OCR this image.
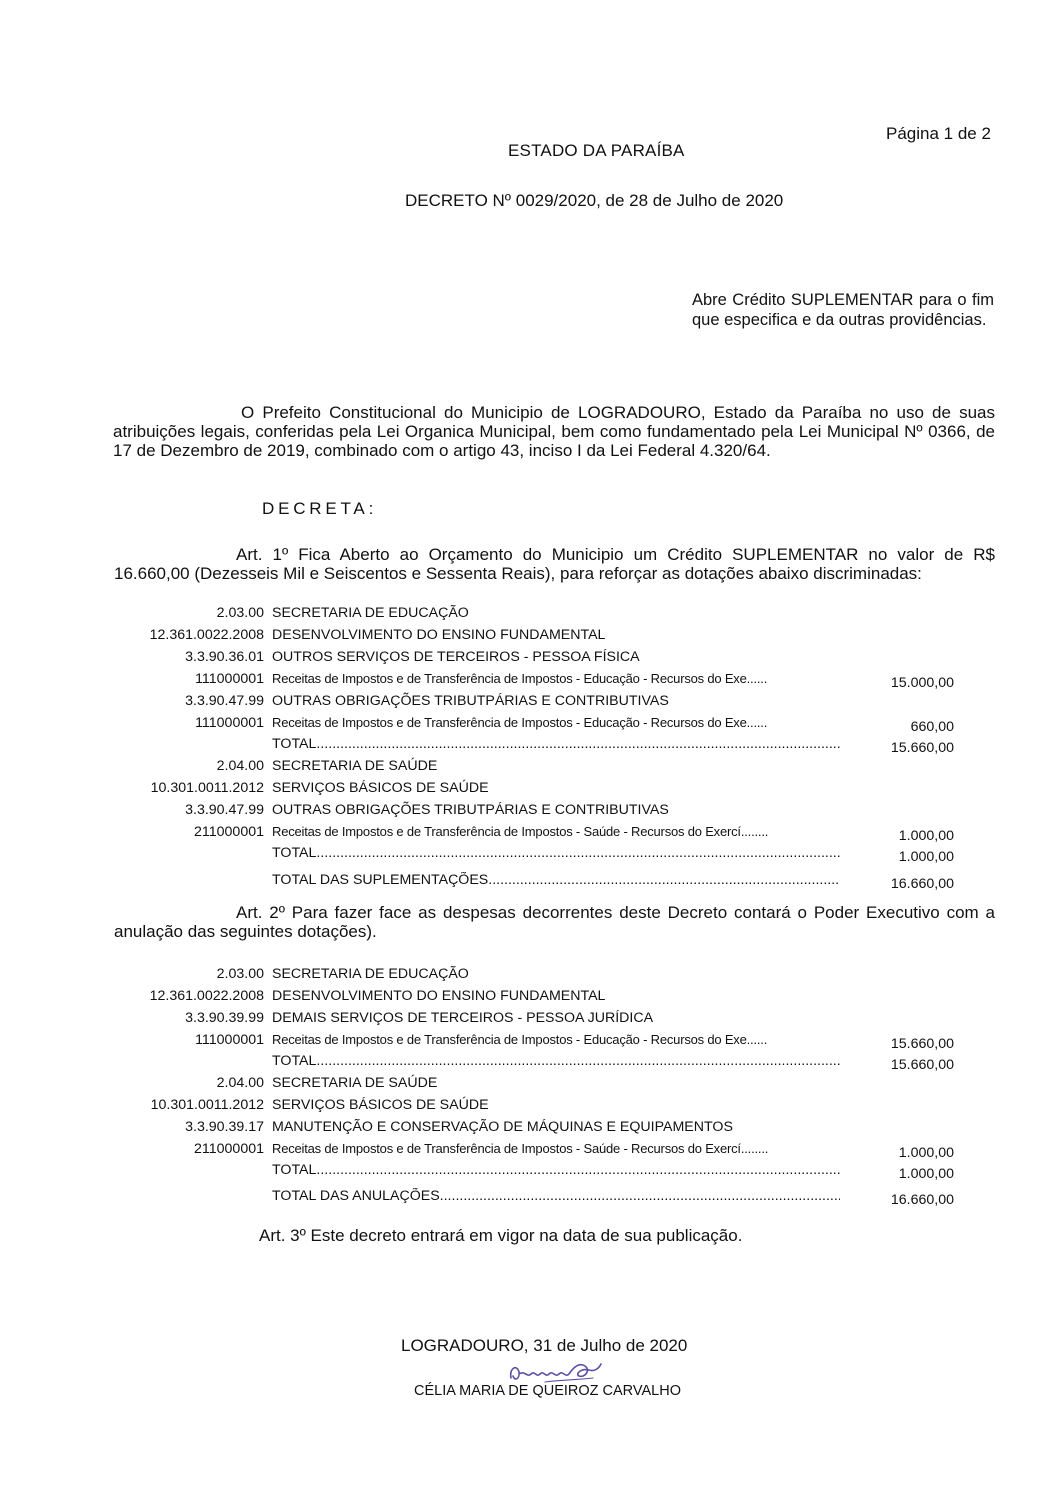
Página 1 de 2
ESTADO DA PARAÍBA
DECRETO Nº 0029/2020, de 28 de Julho de 2020
Abre Crédito SUPLEMENTAR para o fim que especifica e da outras providências.
O Prefeito Constitucional do Municipio de LOGRADOURO, Estado da Paraíba no uso de suas atribuições legais, conferidas pela Lei Organica Municipal, bem como fundamentado pela Lei Municipal Nº 0366, de 17 de Dezembro de 2019, combinado com o artigo 43, inciso I da Lei Federal 4.320/64.
DECRETA:
Art. 1º Fica Aberto ao Orçamento do Municipio um Crédito SUPLEMENTAR no valor de R$ 16.660,00 (Dezesseis Mil e Seiscentos e Sessenta Reais), para reforçar as dotações abaixo discriminadas:
2.03.00 SECRETARIA DE EDUCAÇÃO
12.361.0022.2008 DESENVOLVIMENTO DO ENSINO FUNDAMENTAL
3.3.90.36.01 OUTROS SERVIÇOS DE TERCEIROS - PESSOA FÍSICA
111000001 Receitas de Impostos e de Transferência de Impostos - Educação - Recursos do Exe......	15.000,00
3.3.90.47.99 OUTRAS OBRIGAÇÕES TRIBUTPÁRIAS E CONTRIBUTIVAS
111000001 Receitas de Impostos e de Transferência de Impostos - Educação - Recursos do Exe......	660,00
TOTAL .....	15.660,00
2.04.00 SECRETARIA DE SAÚDE
10.301.0011.2012 SERVIÇOS BÁSICOS DE SAÚDE
3.3.90.47.99 OUTRAS OBRIGAÇÕES TRIBUTPÁRIAS E CONTRIBUTIVAS
211000001 Receitas de Impostos e de Transferência de Impostos - Saúde - Recursos do Exercí........	1.000,00
TOTAL .....	1.000,00
TOTAL DAS SUPLEMENTAÇÕES .....	16.660,00
Art. 2º Para fazer face as despesas decorrentes deste Decreto contará o Poder Executivo com a anulação das seguintes dotações).
2.03.00 SECRETARIA DE EDUCAÇÃO
12.361.0022.2008 DESENVOLVIMENTO DO ENSINO FUNDAMENTAL
3.3.90.39.99 DEMAIS SERVIÇOS DE TERCEIROS - PESSOA JURÍDICA
111000001 Receitas de Impostos e de Transferência de Impostos - Educação - Recursos do Exe......	15.660,00
TOTAL .....	15.660,00
2.04.00 SECRETARIA DE SAÚDE
10.301.0011.2012 SERVIÇOS BÁSICOS DE SAÚDE
3.3.90.39.17 MANUTENÇÃO E CONSERVAÇÃO DE MÁQUINAS E EQUIPAMENTOS
211000001 Receitas de Impostos e de Transferência de Impostos - Saúde - Recursos do Exercí........	1.000,00
TOTAL .....	1.000,00
TOTAL DAS ANULAÇÕES .....	16.660,00
Art. 3º Este decreto entrará em vigor na data de sua publicação.
LOGRADOURO, 31 de Julho de 2020
CÉLIA MARIA DE QUEIROZ CARVALHO
